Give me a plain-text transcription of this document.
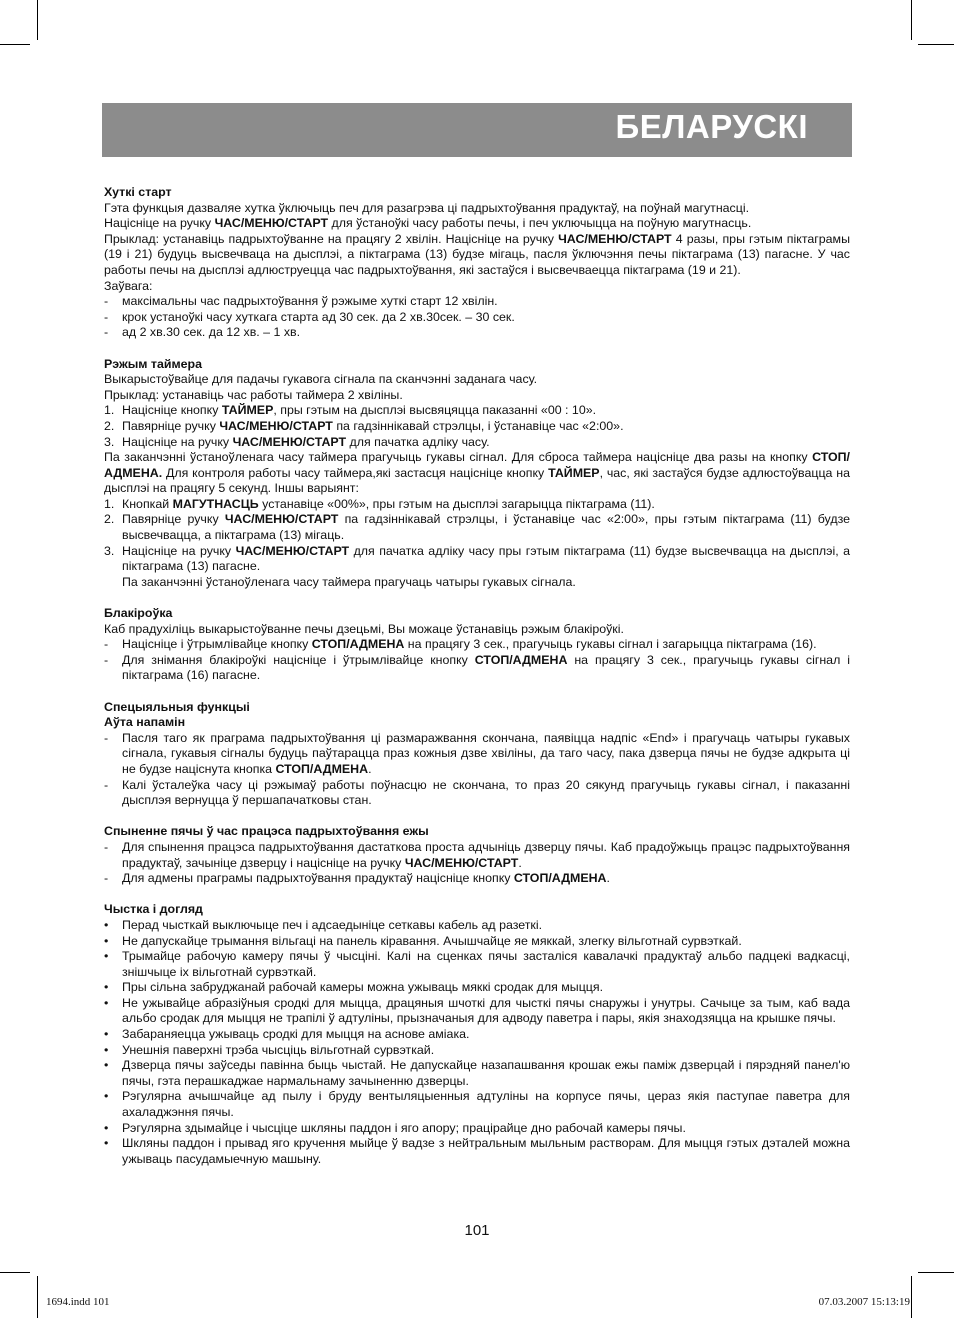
БЕЛАРУСКІ
Хуткі старт

Гэта функцыя дазваляе хутка ўключыць печ для разагрэва ці падрыхтоўвання прадуктаў, на поўнай магутнасці.

Націсніце на ручку ЧАС/МЕНЮ/СТАРТ для ўстаноўкі часу работы печы, і печ уключыцца на поўную магутнасць.

Прыклад: устанавіць падрыхтоўванне на працягу 2 хвілін. Націсніце на ручку ЧАС/МЕНЮ/СТАРТ 4 разы, пры гэтым піктаграмы (19 і 21) будуць высвечваца на дысплэі, а піктаграма (13) будзе мігаць, пасля ўключэння печы піктаграма (13) пагасне. У час работы печы на дысплэі адлюструецца час падрыхтоўвання, які застаўся і высвечваецца піктаграма (19 и 21).

Заўвага:

-	максімальны час падрыхтоўвання ў рэжыме хуткі старт 12 хвілін.
-	крок устаноўкі часу хуткага старта ад 30 сек. да 2 хв.30сек. – 30 сек.
-	ад 2 хв.30 сек. да 12 хв. – 1 хв.
Рэжым таймера

Выкарыстоўвайце для падачы гукавога сігнала па сканчэнні заданага часу.

Прыклад: устанавіць час работы таймера 2 хвіліны.

1. Націсніце кнопку ТАЙМЕР, пры гэтым на дысплэі высвяцяцца паказанні «00 : 10».
2. Павярніце ручку ЧАС/МЕНЮ/СТАРТ па гадзіннікавай стрэлцы, і ўстанавіце час «2:00».
3. Націсніце на ручку ЧАС/МЕНЮ/СТАРТ для пачатка адліку часу.

Па заканчэнні ўстаноўленага часу таймера прагучыць гукавы сігнал. Для сброса таймера націсніце два разы на кнопку СТОП/АДМЕНА. Для контроля работы часу таймера,які застасця націсніце кнопку ТАЙМЕР, час, які застаўся будзе адлюстоўвацца на дысплэі на працягу 5 секунд. Іншы варыянт:

1. Кнопкай МАГУТНАСЦЬ устанавіце «00%», пры гэтым на дысплэі загарыцца піктаграма (11).
2. Павярніце ручку ЧАС/МЕНЮ/СТАРТ па гадзіннікавай стрэлцы, і ўстанавіце час «2:00», пры гэтым піктаграма (11) будзе высвечвацца, а піктаграма (13) мігаць.
3. Націсніце на ручку ЧАС/МЕНЮ/СТАРТ для пачатка адліку часу пры гэтым піктаграма (11) будзе высвечвацца на дысплэі, а піктаграма (13) пагасне.

Па заканчэнні ўстаноўленага часу таймера прагучаць чатыры гукавых сігнала.

Блакіроўка

Каб прадухіліць выкарыстоўванне печы дзецьмі, Вы можаце ўстанавіць рэжым блакіроўкі.

-	Націсніце і ўтрымлівайце кнопку СТОП/АДМЕНА на працягу 3 сек., прагучыць гукавы сігнал і загарыцца піктаграма (16).
-	Для знімання блакіроўкі націсніце і ўтрымлівайце кнопку СТОП/АДМЕНА на працягу 3 сек., прагучыць гукавы сігнал і піктаграма (16) пагасне.
Спецыяльныя функцыі
Аўта напамін
-	Пасля таго як праграма падрыхтоўвання ці размаражвання скончана, паявіцца надпіс «End» і прагучаць чатыры гукавых сігнала, гукавыя сігналы будуць паўтарацца праз кожныя дзве хвіліны, да таго часу, пака дзверца пячы не будзе адкрыта ці не будзе націснута кнопка СТОП/АДМЕНА.
-	Калі ўсталеўка часу ці рэжымаў работы поўнасцю не скончана, то праз 20 сякунд прагучыць гукавы сігнал, і паказанні дысплэя вернуцца ў першапачатковы стан.
Спыненне пячы ў час працэса падрыхтоўвання ежы
-	Для спынення працэса падрыхтоўвання дастаткова проста адчыніць дзверцу пячы. Каб прадоўжыць працэс падрыхтоўвання прадуктаў, зачыніце дзверцу і націсніце на ручку ЧАС/МЕНЮ/СТАРТ.
-	Для адмены праграмы падрыхтоўвання прадуктаў націсніце кнопку СТОП/АДМЕНА.
Чыстка і догляд
•	Перад чысткай выключыце печ і адсаедыніце сеткавы кабель ад разеткі.
•	Не дапускайце трымання вільгаці на панель кіравання. Ачышчайце яе мяккай, злегку вільготнай сурвэткай.
•	Трымайце рабочую камеру пячы ў чысціні. Калі на сценках пячы засталіся кавалачкі прадуктаў альбо падцекі вадкасці, знішчыце іх вільготнай сурвэткай.
•	Пры сільна забруджанай рабочай камеры можна ужываць мяккі сродак для мыцця.
•	Не ужывайце абразіўныя сродкі для мыцца, драцяныя шчоткі для чысткі пячы снаружы і унутры. Сачыце за тым, каб вада альбо сродак для мыцця не трапілі ў адтуліны, прызначаныя для адводу паветра і пары, якія знаходзяцца на крышке пячы.
•	Забараняецца ужываць сродкі для мыцця на аснове аміака.
•	Унешнія паверхні трэба чысціць вільготнай сурвэткай.
•	Дзверца пячы заўседы павінна быць чыстай. Не дапускайце назапашвання крошак ежы паміж дзверцай і пярэдняй панел'ю пячы, гэта перашкаджае нармальнаму зачыненню дзверцы.
•	Рэгулярна ачышчайце ад пылу і бруду вентыляцыенныя адтуліны на корпусе пячы, цераз якія паступае паветра для ахаладжэння пячы.
•	Рэгулярна здымайце і чысціце шкляны паддон і яго апору; працірайце дно рабочай камеры пячы.
•	Шкляны паддон і прывад яго кручення мыйце ў вадзе з нейтральным мыльным растворам. Для мыцця гэтых дэталей можна ужываць пасудамыечную машыну.
101
1694.indd 101	07.03.2007 15:13:19
